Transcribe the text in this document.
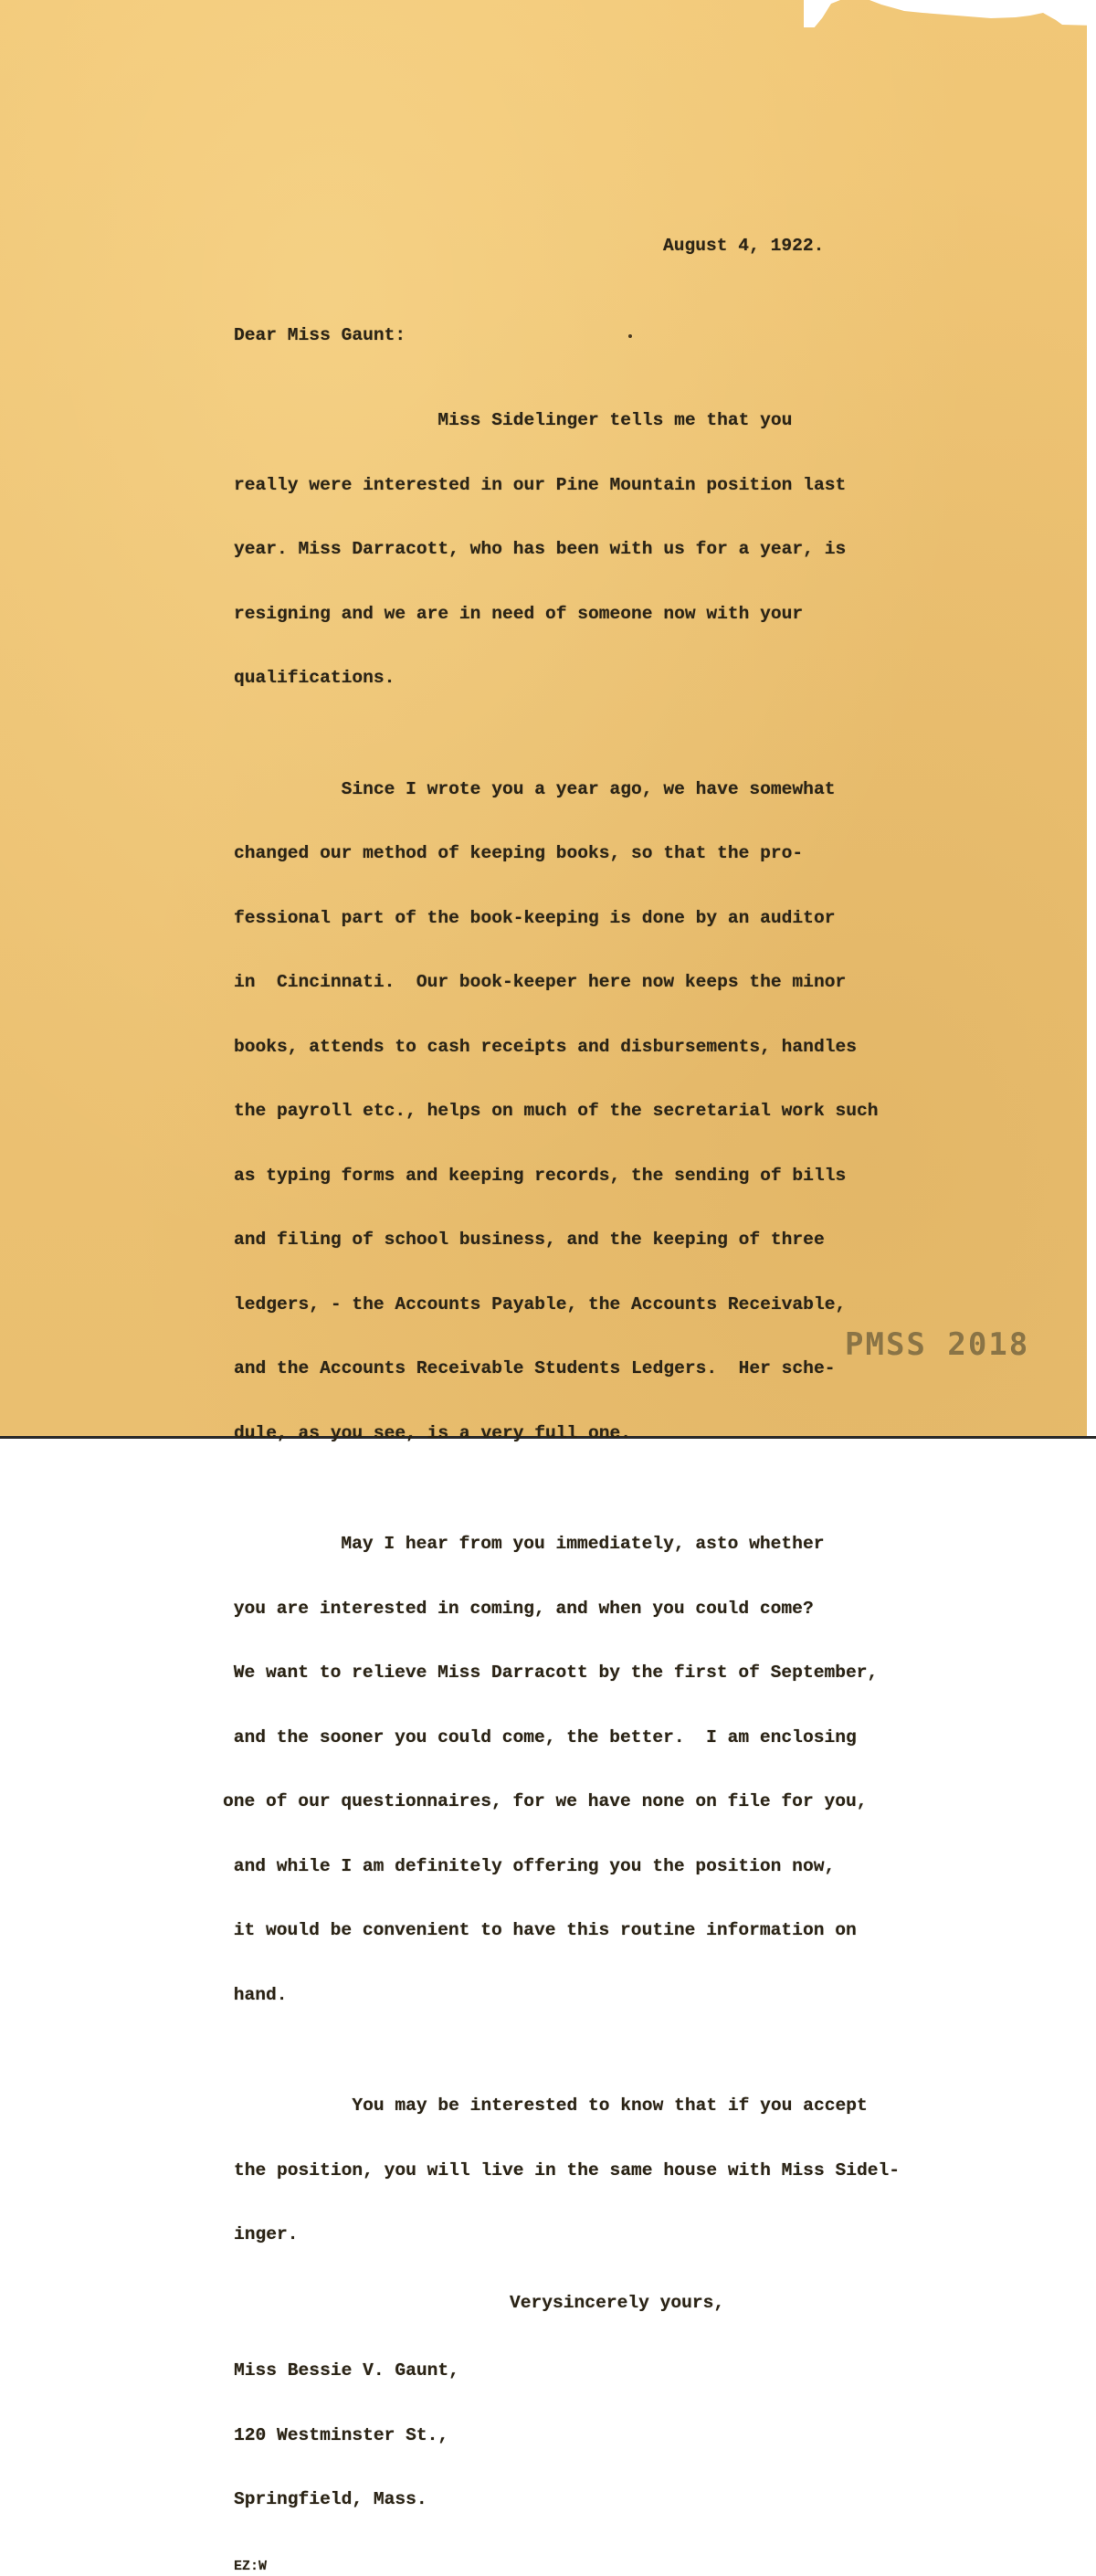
August 4, 1922.
Dear Miss Gaunt:

Miss Sidelinger tells me that you

really were interested in our Pine Mountain position last

year. Miss Darracott, who has been with us for a year, is

resigning and we are in need of someone now with your

qualifications.

Since I wrote you a year ago, we have somewhat

changed our method of keeping books, so that the pro-

fessional part of the book-keeping is done by an auditor

in  Cincinnati.  Our book-keeper here now keeps the minor

books, attends to cash receipts and disbursements, handles

the payroll etc., helps on much of the secretarial work such

as typing forms and keeping records, the sending of bills

and filing of school business, and the keeping of three

ledgers, - the Accounts Payable, the Accounts Receivable,

and the Accounts Receivable Students Ledgers.  Her sche-

dule, as you see, is a very full one.

May I hear from you immediately, asto whether

you are interested in coming, and when you could come?

We want to relieve Miss Darracott by the first of September,

and the sooner you could come, the better.  I am enclosing

one of our questionnaires, for we have none on file for you,

and while I am definitely offering you the position now,

it would be convenient to have this routine information on

hand.

You may be interested to know that if you accept

the position, you will live in the same house with Miss Sidel-

inger.

Verysincerely yours,

Miss Bessie V. Gaunt,

120 Westminster St.,

Springfield, Mass.

EZ:W
PMSS 2018
